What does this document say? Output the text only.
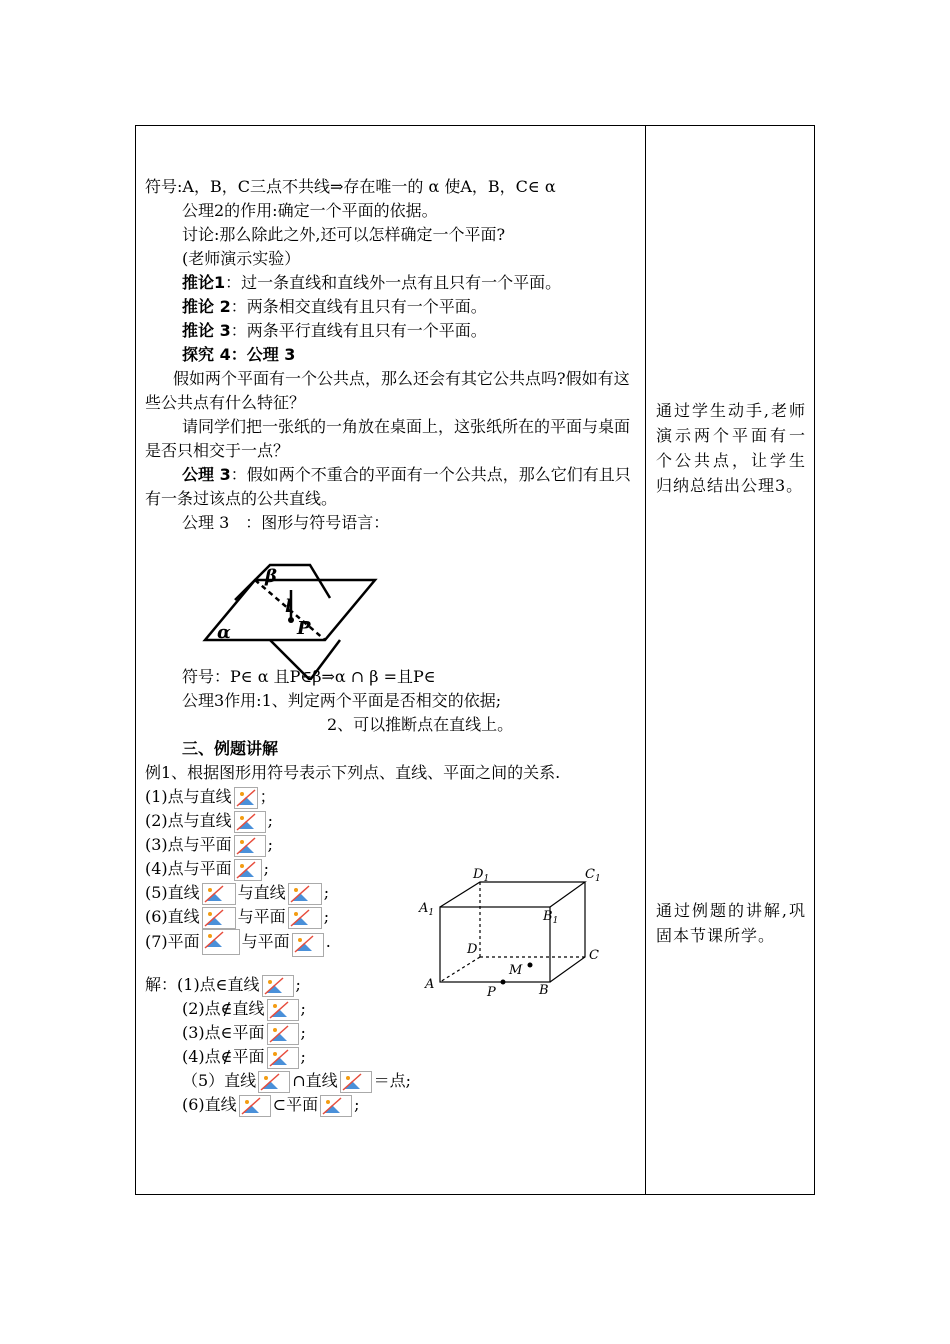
符号:A，B，C三点不共线⇒存在唯一的 α 使A，B，C∈ α
公理2的作用:确定一个平面的依据。
讨论:那么除此之外,还可以怎样确定一个平面?
(老师演示实验）
推论1：过一条直线和直线外一点有且只有一个平面。
推论 2：两条相交直线有且只有一个平面。
推论 3：两条平行直线有且只有一个平面。
探究 4：公理 3
假如两个平面有一个公共点，那么还会有其它公共点吗?假如有这些公共点有什么特征？
请同学们把一张纸的一角放在桌面上，这张纸所在的平面与桌面是否只相交于一点？
公理 3：假如两个不重合的平面有一个公共点，那么它们有且只有一条过该点的公共直线。
公理 3　：图形与符号语言：
符号：P∈ α 且P∈β⇒α ∩ β =且P∈
公理3作用:1、判定两个平面是否相交的依据;
2、可以推断点在直线上。
三、例题讲解
例1、根据图形用符号表示下列点、直线、平面之间的关系.
(1)点与直线 ；
(2)点与直线 ;
(3)点与平面 ;
(4)点与平面 ;
(5)直线 与直线 ;
(6)直线 与平面 ;
(7)平面	与平面 .
解：(1)点∈直线 ;
(2)点∉直线 ;
(3)点∈平面 ;
(4)点∉平面 ;
（5）直线 ∩直线 ＝点;
(6)直线 ⊂平面 ;
β
l
P
α
$D_1$	$C_1$
$A_1$	$B_1$
D	C
M
A
P	B
通过学生动手,老师演示两个平面有一个公共点，让学生归纳总结出公理3。
通过例题的讲解,巩固本节课所学。
